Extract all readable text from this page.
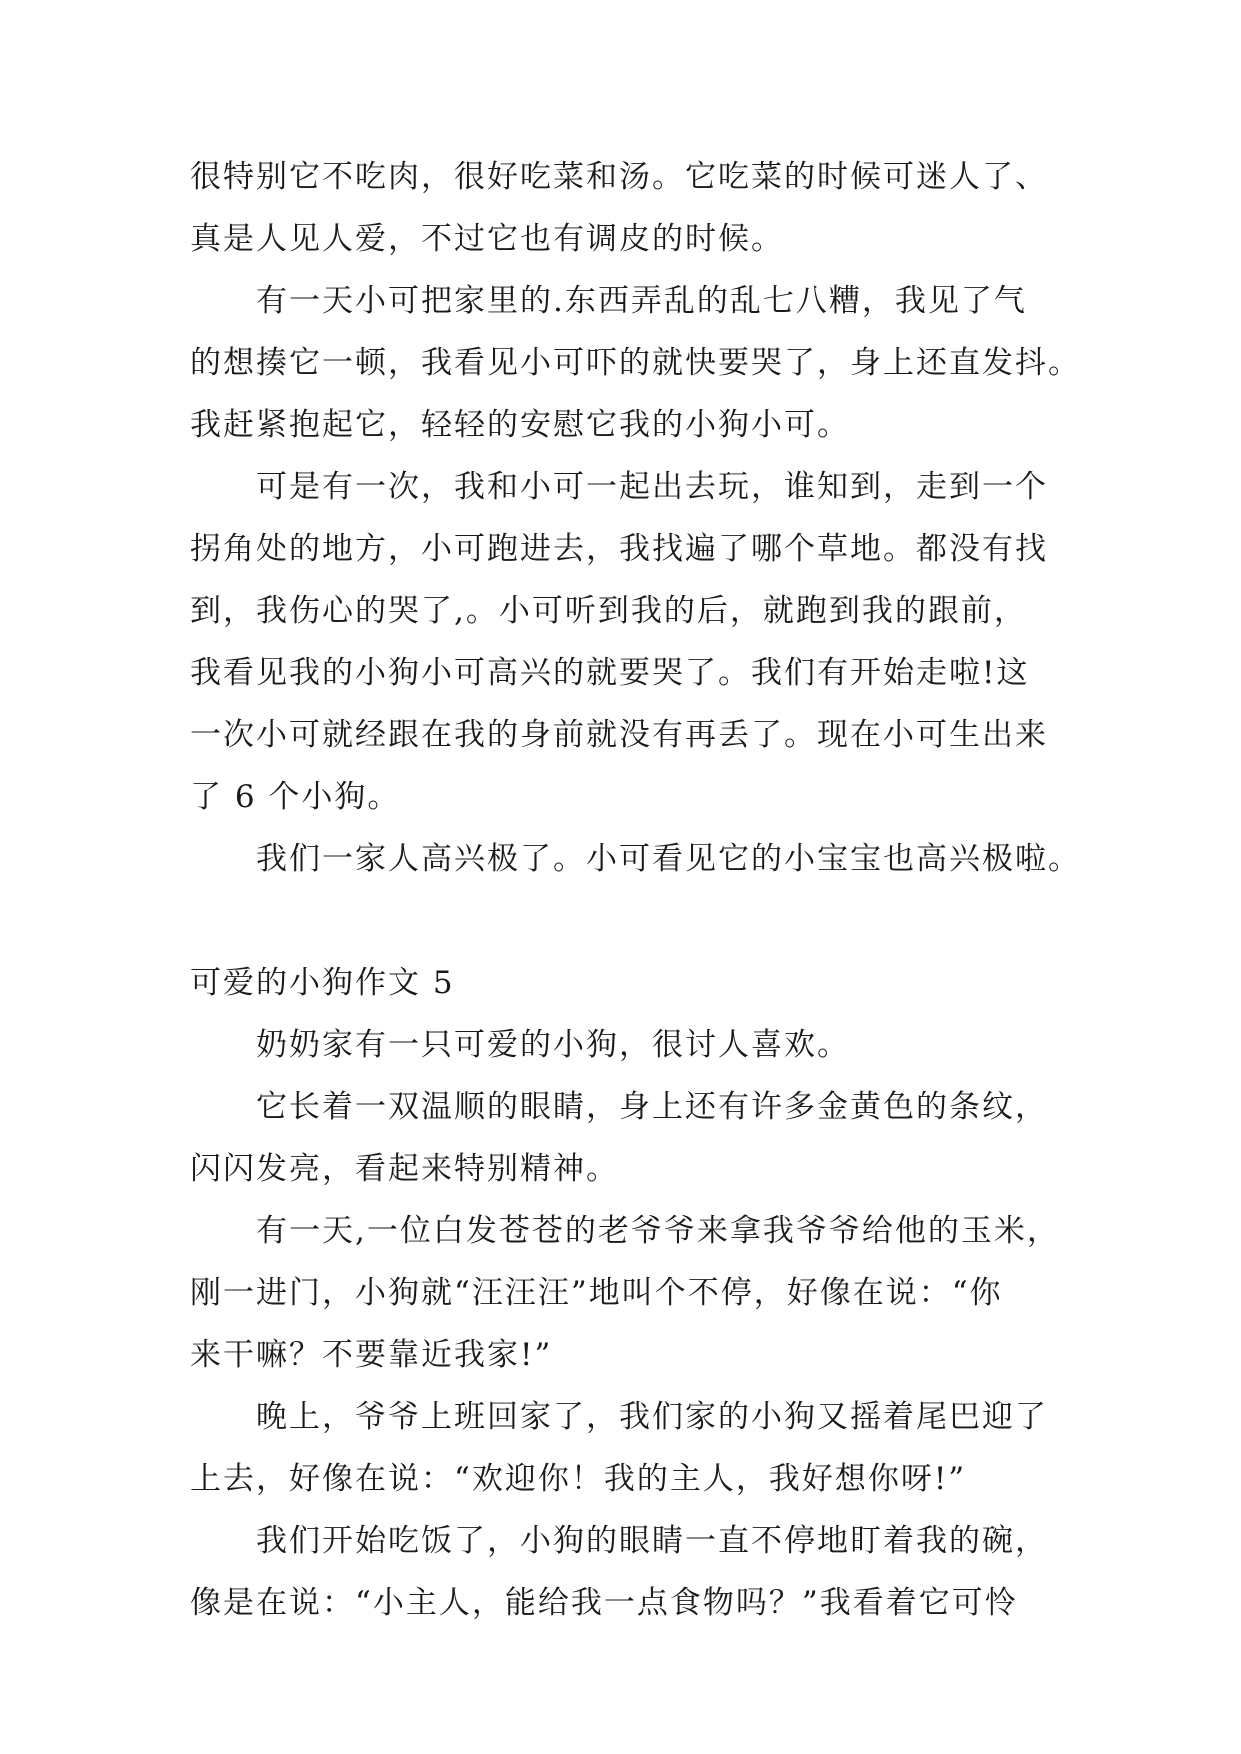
很特别它不吃肉，很好吃菜和汤。它吃菜的时候可迷人了、
真是人见人爱，不过它也有调皮的时候。
有一天小可把家里的.东西弄乱的乱七八糟，我见了气
的想揍它一顿，我看见小可吓的就快要哭了，身上还直发抖。
我赶紧抱起它，轻轻的安慰它我的小狗小可。
可是有一次，我和小可一起出去玩，谁知到，走到一个
拐角处的地方，小可跑进去，我找遍了哪个草地。都没有找
到，我伤心的哭了,。小可听到我的后，就跑到我的跟前，
我看见我的小狗小可高兴的就要哭了。我们有开始走啦!这
一次小可就经跟在我的身前就没有再丢了。现在小可生出来
了 6 个小狗。
我们一家人高兴极了。小可看见它的小宝宝也高兴极啦。
可爱的小狗作文 5
奶奶家有一只可爱的小狗，很讨人喜欢。
它长着一双温顺的眼睛，身上还有许多金黄色的条纹，
闪闪发亮，看起来特别精神。
有一天,一位白发苍苍的老爷爷来拿我爷爷给他的玉米，
刚一进门，小狗就“汪汪汪”地叫个不停，好像在说：“你
来干嘛？不要靠近我家!”
晚上，爷爷上班回家了，我们家的小狗又摇着尾巴迎了
上去，好像在说：“欢迎你！我的主人，我好想你呀!”
我们开始吃饭了，小狗的眼睛一直不停地盯着我的碗，
像是在说：“小主人，能给我一点食物吗？”我看着它可怜
